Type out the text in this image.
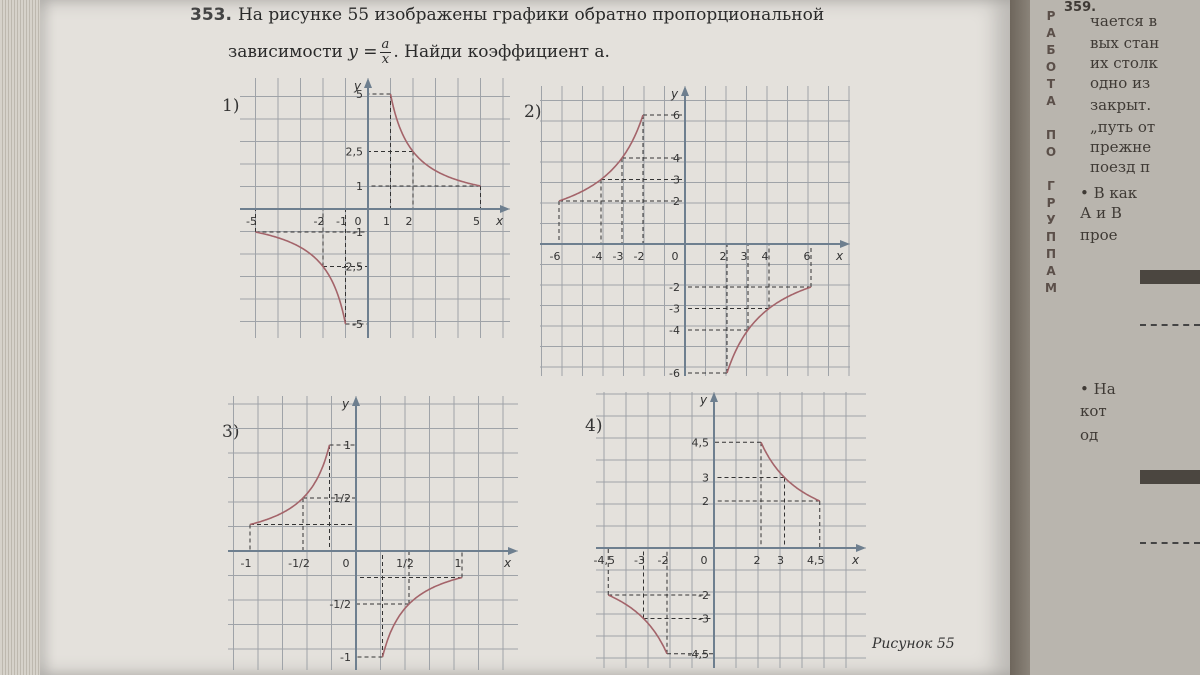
353. На рисунке 55 изображены графики обратно пропорциональной
зависимости $y = \frac{a}{x}$ . Найди коэффициент a.
1)	2)
3)	4)
x
y
-5	-2 -1 0 1 2	5
5
2,5
1
-1
-2,5
-5
x
y
-6	-4 -3 -2 0	2 3 4	6
6
4
3
2
-2
-3
-4
-6
x
y
-1	-1/2	0	1/2	1
1
1/2
-1/2
-1
x
y
-4,5 -3 -2	0	2 3 4,5
4,5
3
2
-2
-3
-4,5
Рисунок 55
Р
А
Б
О
Т
А

П
О

Г
Р
У
П
П
А
М
359.
чается в
вых стан
их столк
одно из
закрыт.
„путь от
прежне
поезд п
• В как
А и В
прое
• На
кот
од
